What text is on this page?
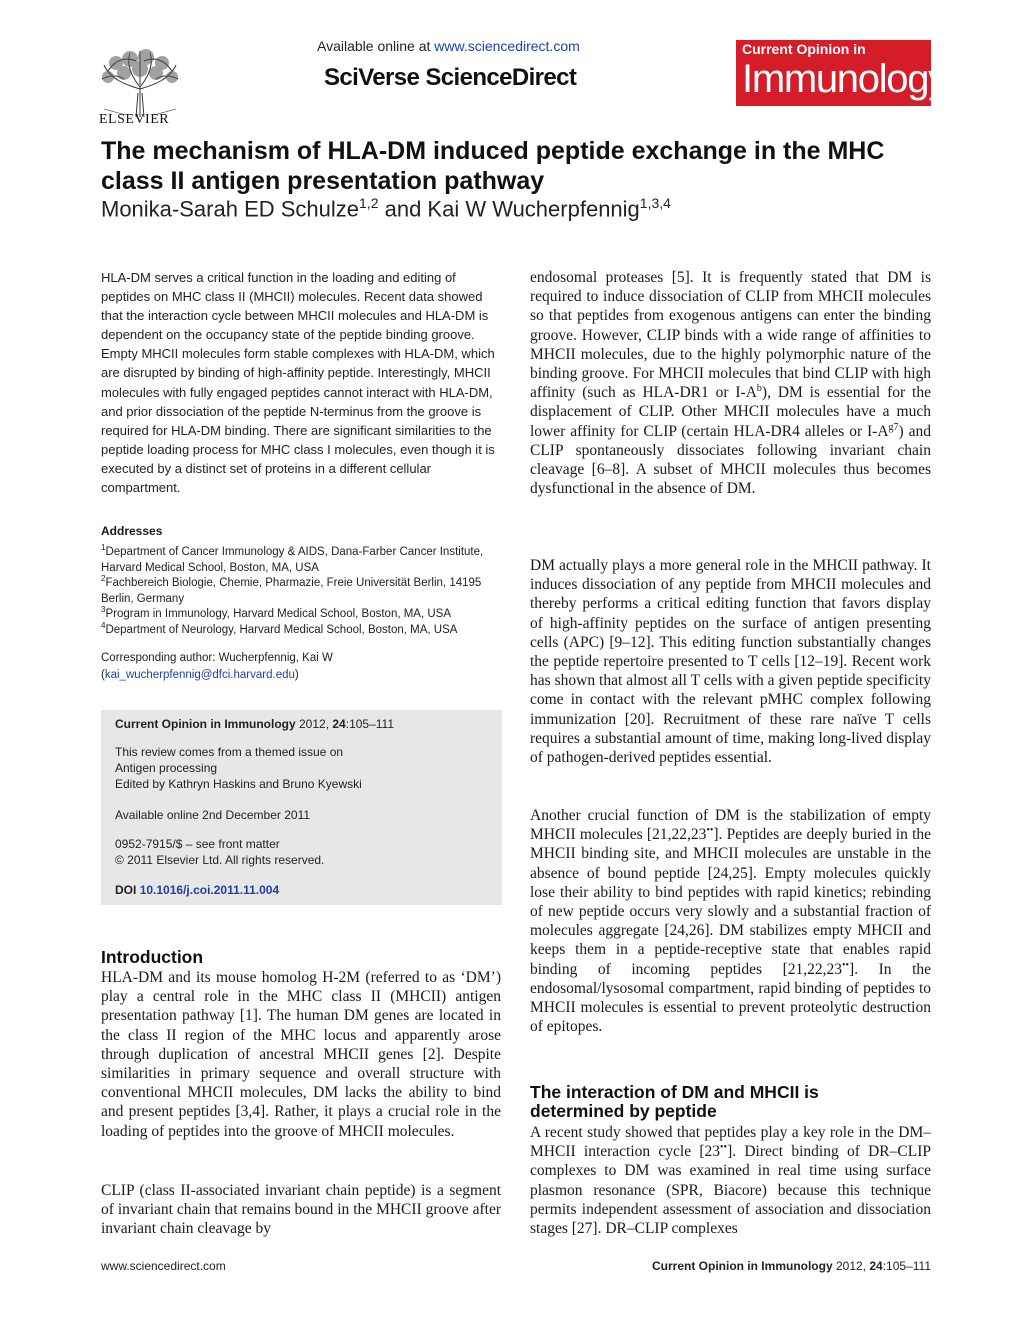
ELSEVIER
Available online at www.sciencedirect.com
SciVerse ScienceDirect
Current Opinion in
Immunology
The mechanism of HLA-DM induced peptide exchange in the MHC class II antigen presentation pathway
Monika-Sarah ED Schulze$^{1,2}$ and Kai W Wucherpfennig$^{1,3,4}$

HLA-DM serves a critical function in the loading and editing of peptides on MHC class II (MHCII) molecules. Recent data showed that the interaction cycle between MHCII molecules and HLA-DM is dependent on the occupancy state of the peptide binding groove. Empty MHCII molecules form stable complexes with HLA-DM, which are disrupted by binding of high-affinity peptide. Interestingly, MHCII molecules with fully engaged peptides cannot interact with HLA-DM, and prior dissociation of the peptide N-terminus from the groove is required for HLA-DM binding. There are significant similarities to the peptide loading process for MHC class I molecules, even though it is executed by a distinct set of proteins in a different cellular compartment.

Addresses
$^1$Department of Cancer Immunology & AIDS, Dana-Farber Cancer Institute, Harvard Medical School, Boston, MA, USA
$^2$Fachbereich Biologie, Chemie, Pharmazie, Freie Universität Berlin, 14195 Berlin, Germany
$^3$Program in Immunology, Harvard Medical School, Boston, MA, USA
$^4$Department of Neurology, Harvard Medical School, Boston, MA, USA
Corresponding author: Wucherpfennig, Kai W
(kai_wucherpfennig@dfci.harvard.edu)
Current Opinion in Immunology 2012, 24:105–111
This review comes from a themed issue on
Antigen processing
Edited by Kathryn Haskins and Bruno Kyewski
Available online 2nd December 2011
0952-7915/$ – see front matter
© 2011 Elsevier Ltd. All rights reserved.
DOI 10.1016/j.coi.2011.11.004
Introduction

HLA-DM and its mouse homolog H-2M (referred to as ‘DM’) play a central role in the MHC class II (MHCII) antigen presentation pathway [1]. The human DM genes are located in the class II region of the MHC locus and apparently arose through duplication of ancestral MHCII genes [2]. Despite similarities in primary sequence and overall structure with conventional MHCII molecules, DM lacks the ability to bind and present peptides [3,4]. Rather, it plays a crucial role in the loading of peptides into the groove of MHCII molecules.

CLIP (class II-associated invariant chain peptide) is a segment of invariant chain that remains bound in the MHCII groove after invariant chain cleavage by

endosomal proteases [5]. It is frequently stated that DM is required to induce dissociation of CLIP from MHCII molecules so that peptides from exogenous antigens can enter the binding groove. However, CLIP binds with a wide range of affinities to MHCII molecules, due to the highly polymorphic nature of the binding groove. For MHCII molecules that bind CLIP with high affinity (such as HLA-DR1 or $I-A^b$), DM is essential for the displacement of CLIP. Other MHCII molecules have a much lower affinity for CLIP (certain HLA-DR4 alleles or $I-A^{g7}$) and CLIP spontaneously dissociates following invariant chain cleavage [6–8]. A subset of MHCII molecules thus becomes dysfunctional in the absence of DM.

DM actually plays a more general role in the MHCII pathway. It induces dissociation of any peptide from MHCII molecules and thereby performs a critical editing function that favors display of high-affinity peptides on the surface of antigen presenting cells (APC) [9–12]. This editing function substantially changes the peptide repertoire presented to T cells [12–19]. Recent work has shown that almost all T cells with a given peptide specificity come in contact with the relevant pMHC complex following immunization [20]. Recruitment of these rare naïve T cells requires a substantial amount of time, making long-lived display of pathogen-derived peptides essential.

Another crucial function of DM is the stabilization of empty MHCII molecules [21,22,23••]. Peptides are deeply buried in the MHCII binding site, and MHCII molecules are unstable in the absence of bound peptide [24,25]. Empty molecules quickly lose their ability to bind peptides with rapid kinetics; rebinding of new peptide occurs very slowly and a substantial fraction of molecules aggregate [24,26]. DM stabilizes empty MHCII and keeps them in a peptide-receptive state that enables rapid binding of incoming peptides [21,22,23••]. In the endosomal/lysosomal compartment, rapid binding of peptides to MHCII molecules is essential to prevent proteolytic destruction of epitopes.

The interaction of DM and MHCII is
determined by peptide

A recent study showed that peptides play a key role in the DM–MHCII interaction cycle [23••]. Direct binding of DR–CLIP complexes to DM was examined in real time using surface plasmon resonance (SPR, Biacore) because this technique permits independent assessment of association and dissociation stages [27]. DR–CLIP complexes

www.sciencedirect.com	Current Opinion in Immunology 2012, 24:105–111
